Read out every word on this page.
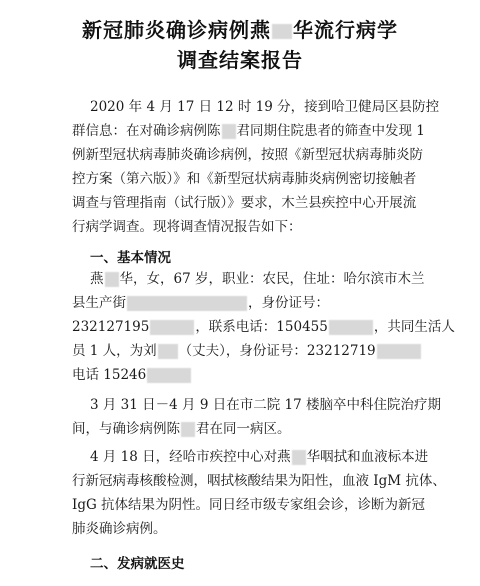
新冠肺炎确诊病例燕 华流行病学
调查结案报告
2020 年 4 月 17 日 12 时 19 分，接到哈卫健局区县防控
群信息：在对确诊病例陈 君同期住院患者的筛查中发现 1
例新型冠状病毒肺炎确诊病例，按照《新型冠状病毒肺炎防
控方案（第六版）》和《新型冠状病毒肺炎病例密切接触者
调查与管理指南（试行版）》要求，木兰县疾控中心开展流
行病学调查。现将调查情况报告如下：
一、基本情况
燕 华，女，67 岁，职业：农民，住址：哈尔滨市木兰
县生产街	，身份证号：
232127195	，联系电话：150455	，共同生活人
员 1 人，为刘 （丈夫），身份证号：23212719
电话 15246
3 月 31 日－4 月 9 日在市二院 17 楼脑卒中科住院治疗期
间，与确诊病例陈 君在同一病区。
4 月 18 日，经哈市疾控中心对燕 华咽拭和血液标本进
行新冠病毒核酸检测，咽拭核酸结果为阳性，血液 IgM 抗体、
IgG 抗体结果为阴性。同日经市级专家组会诊，诊断为新冠
肺炎确诊病例。
二、发病就医史
